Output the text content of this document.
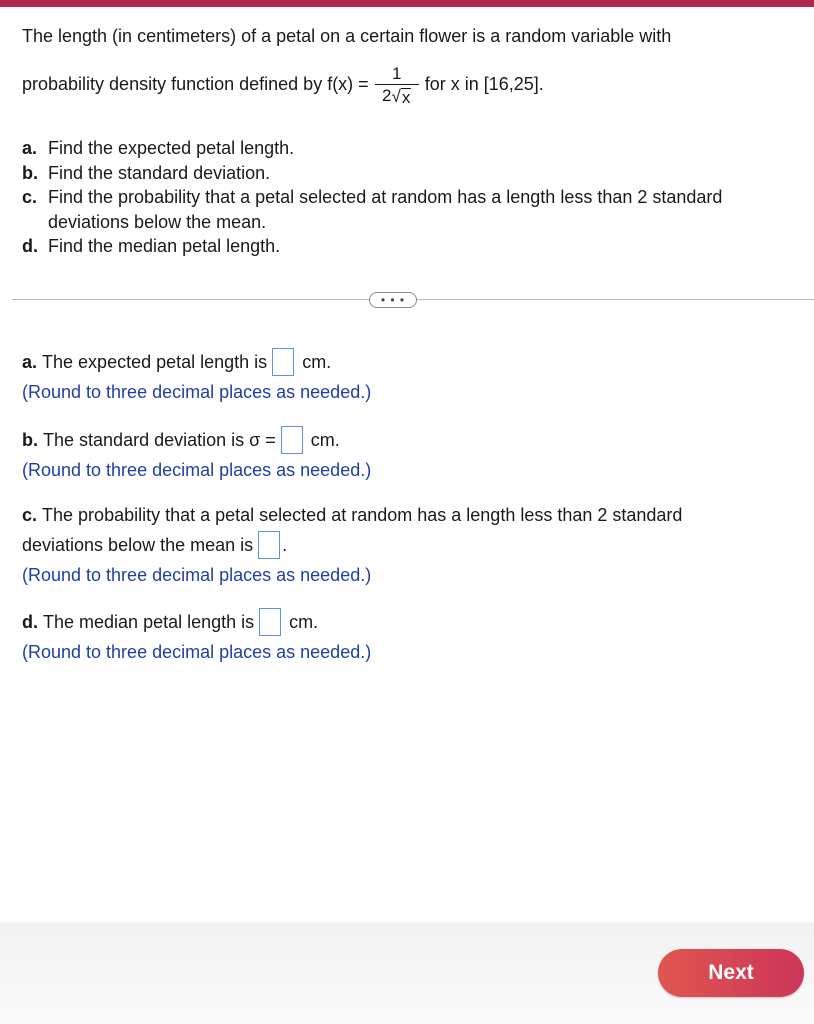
The length (in centimeters) of a petal on a certain flower is a random variable with
probability density function defined by $f(x) = \frac{1}{2 √ x}$ for x in [16,25].
a. Find the expected petal length.
b. Find the standard deviation.
c. Find the probability that a petal selected at random has a length less than 2 standard deviations below the mean.
d. Find the median petal length.
• • •
a.
The expected petal length is cm.
(Round to three decimal places as needed.)
b.
The standard deviation is σ = cm.
(Round to three decimal places as needed.)
c.
The probability that a petal selected at random has a length less than 2 standard
deviations below the mean is .
(Round to three decimal places as needed.)
d.
The median petal length is cm.
(Round to three decimal places as needed.)
Next
